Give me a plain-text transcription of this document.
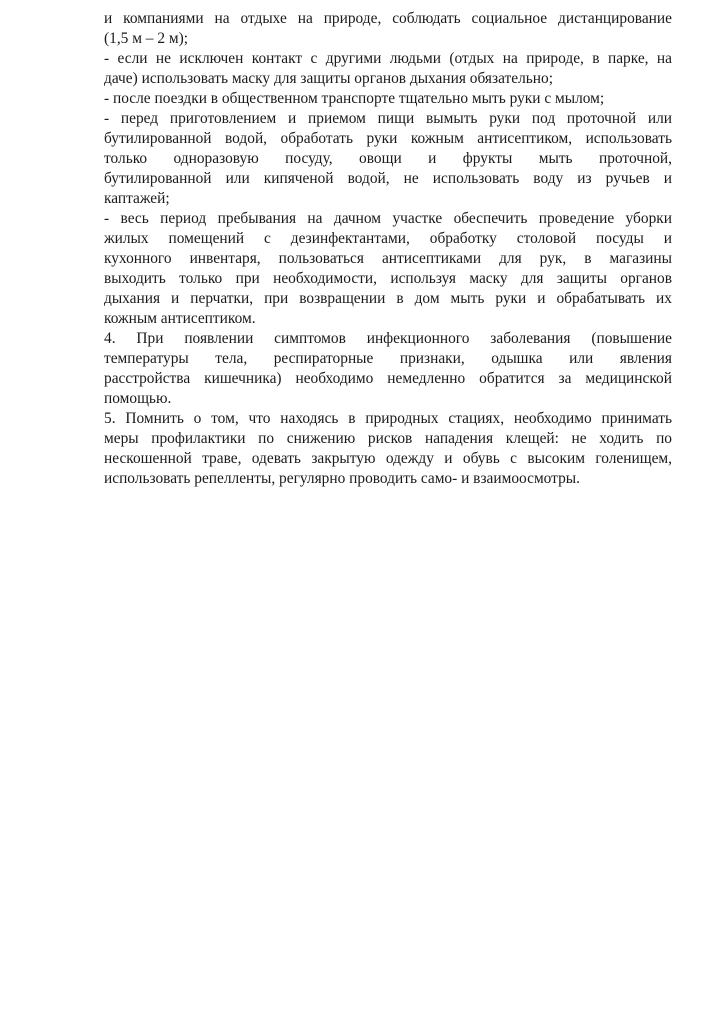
и компаниями на отдыхе на природе, соблюдать социальное дистанцирование
(1,5 м – 2 м);
- если не исключен контакт с другими людьми (отдых на природе, в парке, на
даче) использовать маску для защиты органов дыхания обязательно;
- после поездки в общественном транспорте тщательно мыть руки с мылом;
- перед приготовлением и приемом пищи вымыть руки под проточной или
бутилированной водой, обработать руки кожным антисептиком, использовать
только одноразовую посуду, овощи и фрукты мыть проточной,
бутилированной или кипяченой водой, не использовать воду из ручьев и
каптажей;
- весь период пребывания на дачном участке обеспечить проведение уборки
жилых помещений с дезинфектантами, обработку столовой посуды и
кухонного инвентаря, пользоваться антисептиками для рук, в магазины
выходить только при необходимости, используя маску для защиты органов
дыхания и перчатки, при возвращении в дом мыть руки и обрабатывать их
кожным антисептиком.
4. При появлении симптомов инфекционного заболевания (повышение
температуры тела, респираторные признаки, одышка или явления
расстройства кишечника) необходимо немедленно обратится за медицинской
помощью.
5. Помнить о том, что находясь в природных стациях, необходимо принимать
меры профилактики по снижению рисков нападения клещей: не ходить по
нескошенной траве, одевать закрытую одежду и обувь с высоким голенищем,
использовать репелленты, регулярно проводить само- и взаимоосмотры.
